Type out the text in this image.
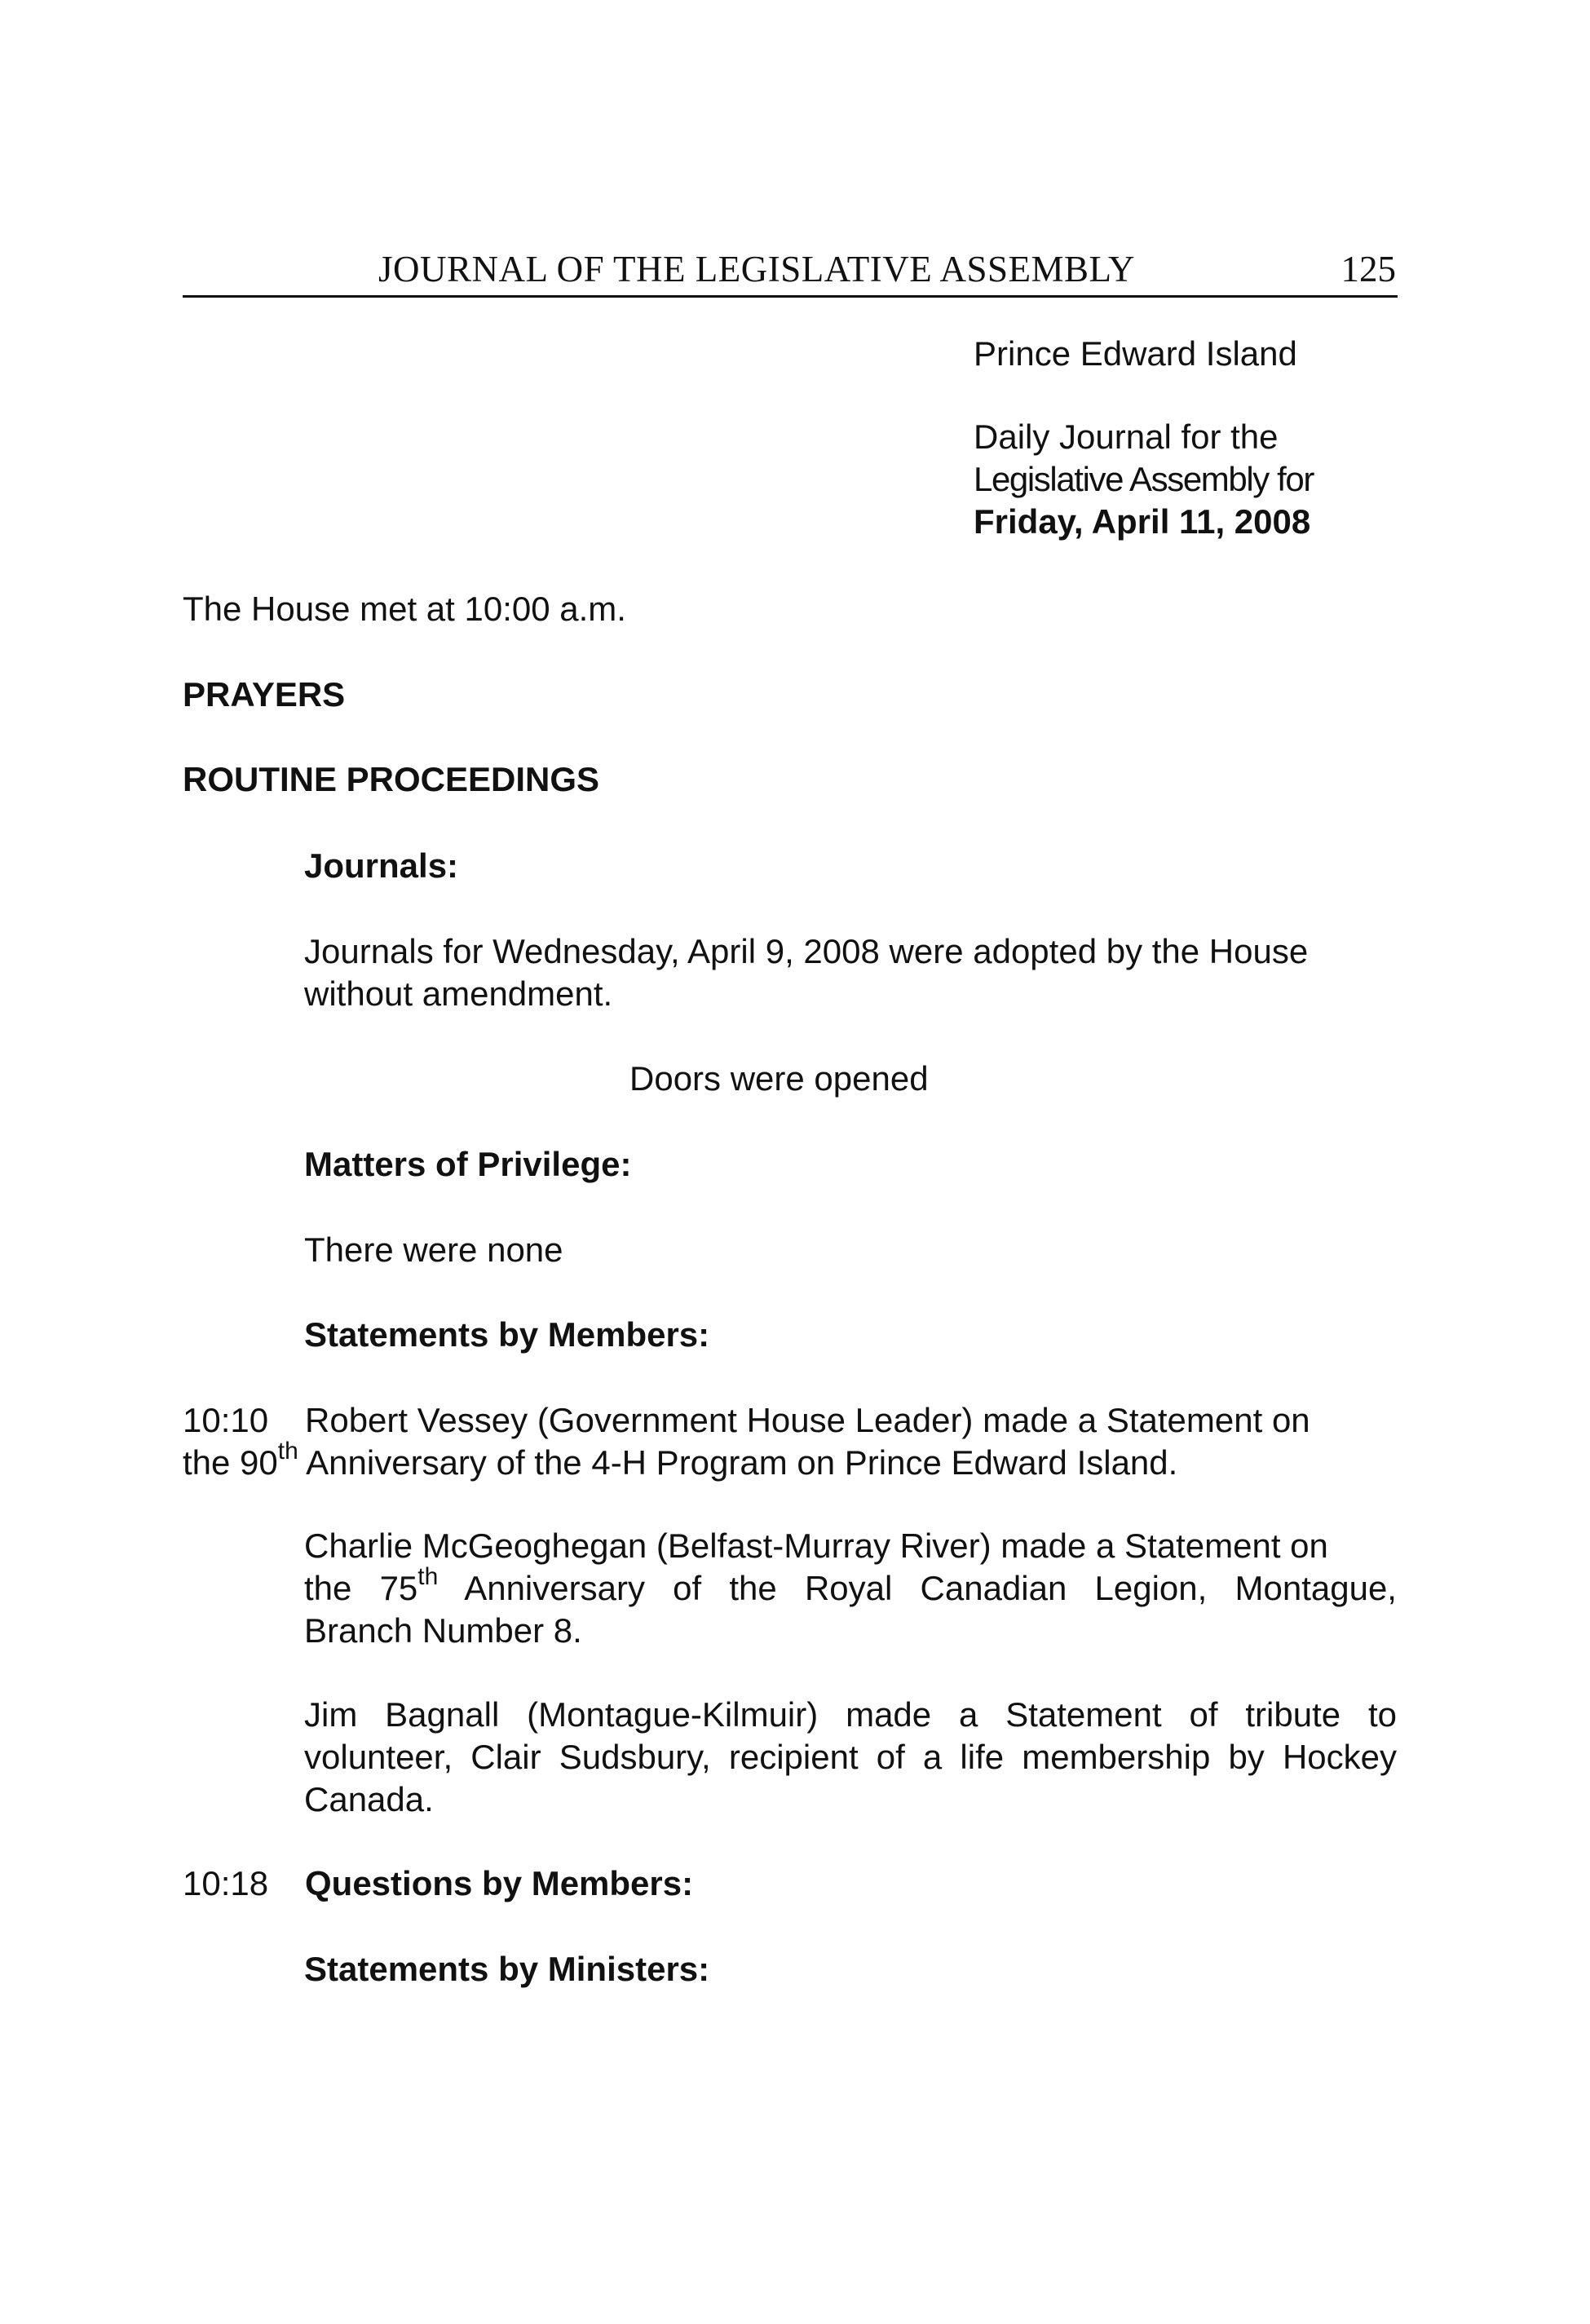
JOURNAL OF THE LEGISLATIVE ASSEMBLY	125
Prince Edward Island
Daily Journal for the
Legislative Assembly for
Friday, April 11, 2008
The House met at 10:00 a.m.
PRAYERS
ROUTINE PROCEEDINGS
Journals:
Journals for Wednesday, April 9, 2008 were adopted by the House without amendment.
Doors were opened
Matters of Privilege:
There were none
Statements by Members:
10:10 Robert Vessey (Government House Leader) made a Statement on
the 90th Anniversary of the 4-H Program on Prince Edward Island.
Charlie McGeoghegan (Belfast-Murray River) made a Statement on
the 75th Anniversary of the Royal Canadian Legion, Montague,
Branch Number 8.
Jim Bagnall (Montague-Kilmuir) made a Statement of tribute to volunteer, Clair Sudsbury, recipient of a life membership by Hockey Canada.
10:18 Questions by Members:
Statements by Ministers:
